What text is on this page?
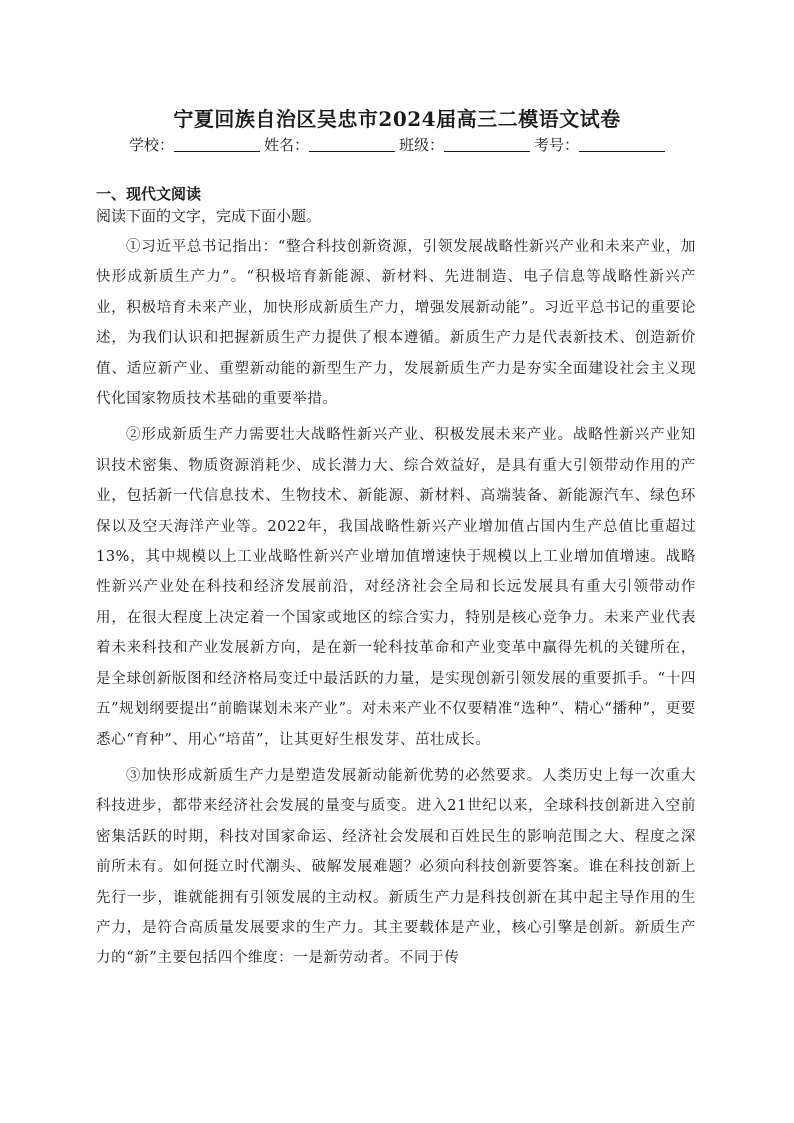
宁夏回族自治区吴忠市2024届高三二模语文试卷
学校：	姓名：	班级：	考号：
一、现代文阅读
阅读下面的文字，完成下面小题。

①习近平总书记指出：“整合科技创新资源，引领发展战略性新兴产业和未来产业，加快形成新质生产力”。“积极培育新能源、新材料、先进制造、电子信息等战略性新兴产业，积极培育未来产业，加快形成新质生产力，增强发展新动能”。习近平总书记的重要论述，为我们认识和把握新质生产力提供了根本遵循。新质生产力是代表新技术、创造新价值、适应新产业、重塑新动能的新型生产力，发展新质生产力是夯实全面建设社会主义现代化国家物质技术基础的重要举措。

②形成新质生产力需要壮大战略性新兴产业、积极发展未来产业。战略性新兴产业知识技术密集、物质资源消耗少、成长潜力大、综合效益好，是具有重大引领带动作用的产业，包括新一代信息技术、生物技术、新能源、新材料、高端装备、新能源汽车、绿色环保以及空天海洋产业等。2022年，我国战略性新兴产业增加值占国内生产总值比重超过13%，其中规模以上工业战略性新兴产业增加值增速快于规模以上工业增加值增速。战略性新兴产业处在科技和经济发展前沿，对经济社会全局和长远发展具有重大引领带动作用，在很大程度上决定着一个国家或地区的综合实力，特别是核心竞争力。未来产业代表着未来科技和产业发展新方向，是在新一轮科技革命和产业变革中赢得先机的关键所在，是全球创新版图和经济格局变迁中最活跃的力量，是实现创新引领发展的重要抓手。“十四五”规划纲要提出“前瞻谋划未来产业”。对未来产业不仅要精准“选种”、精心“播种”，更要悉心“育种”、用心“培苗”，让其更好生根发芽、茁壮成长。

③加快形成新质生产力是塑造发展新动能新优势的必然要求。人类历史上每一次重大科技进步，都带来经济社会发展的量变与质变。进入21世纪以来，全球科技创新进入空前密集活跃的时期，科技对国家命运、经济社会发展和百姓民生的影响范围之大、程度之深前所未有。如何挺立时代潮头、破解发展难题？必须向科技创新要答案。谁在科技创新上先行一步，谁就能拥有引领发展的主动权。新质生产力是科技创新在其中起主导作用的生产力，是符合高质量发展要求的生产力。其主要载体是产业，核心引擎是创新。新质生产力的“新”主要包括四个维度：一是新劳动者。不同于传
